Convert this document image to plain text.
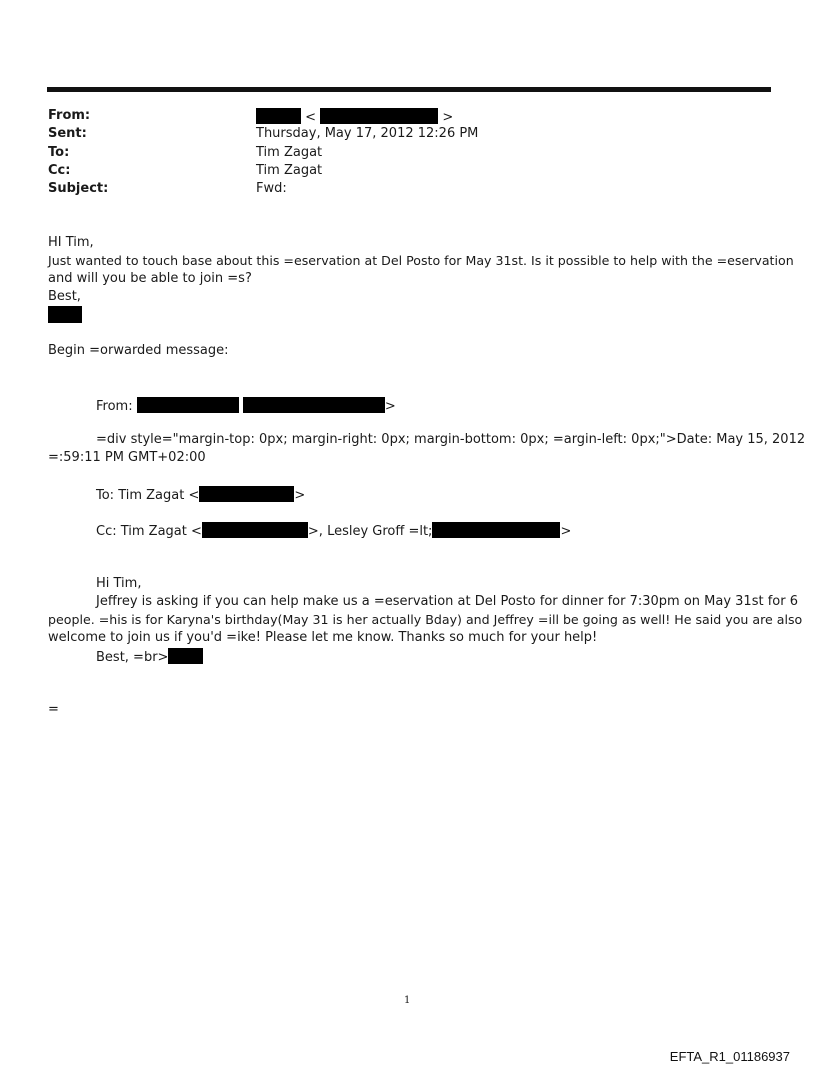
From:	<	>
Sent:	Thursday, May 17, 2012 12:26 PM
To:	Tim Zagat
Cc:	Tim Zagat
Subject:	Fwd:
HI Tim,
Just wanted to touch base about this =eservation at Del Posto for May 31st. Is it possible to help with the =eservation
and will you be able to join =s?
Best,
Begin =orwarded message:
From:	>
=div style="margin-top: 0px; margin-right: 0px; margin-bottom: 0px; =argin-left: 0px;">Date: May 15, 2012
=:59:11 PM GMT+02:00
To: Tim Zagat <	>
Cc: Tim Zagat <	>, Lesley Groff =lt;	>
Hi Tim,
Jeffrey is asking if you can help make us a =eservation at Del Posto for dinner for 7:30pm on May 31st for 6
people. =his is for Karyna's birthday(May 31 is her actually Bday) and Jeffrey =ill be going as well! He said you are also
welcome to join us if you'd =ike! Please let me know. Thanks so much for your help!
Best, =br>
=
1
EFTA_R1_01186937
